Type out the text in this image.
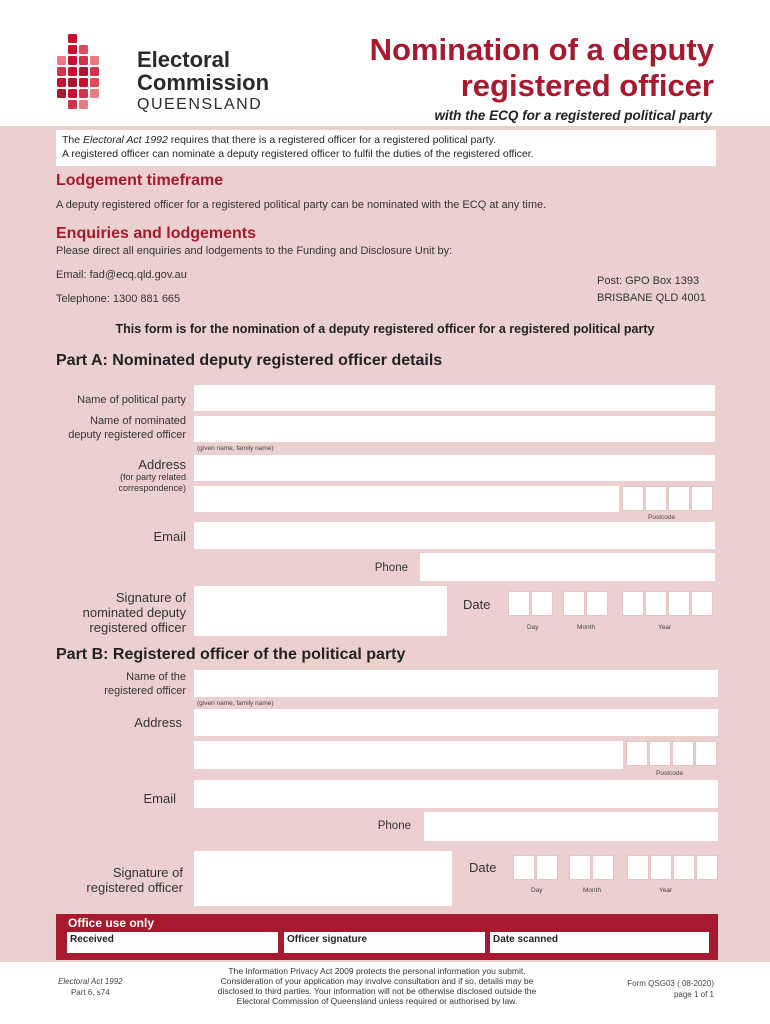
Electoral
Commission
QUEENSLAND
Nomination of a deputy
registered officer
with the ECQ for a registered political party
The Electoral Act 1992 requires that there is a registered officer for a registered political party.
A registered officer can nominate a deputy registered officer to fulfil the duties of the registered officer.
Lodgement timeframe
A deputy registered officer for a registered political party can be nominated with the ECQ at any time.
Enquiries and lodgements
Please direct all enquiries and lodgements to the Funding and Disclosure Unit by:
Email: fad@ecq.qld.gov.au
Telephone: 1300 881 665
Post: GPO Box 1393
BRISBANE QLD 4001
This form is for the nomination of a deputy registered officer for a registered political party
Part A: Nominated deputy registered officer details
Name of political party
Name of nominated
deputy registered officer
(given name, family name)
Address
(for party related
correspondence)
Postcode
Email
Phone
Signature of
nominated deputy
registered officer
Date
Day	Month	Year
Part B: Registered officer of the political party
Name of the
registered officer
(given name, family name)
Address
Postcode
Email
Phone
Signature of
registered officer
Date
Day	Month	Year
Office use only
Received	Officer signature	Date scanned
Electoral Act 1992
Part 6, s74
The Information Privacy Act 2009 protects the personal information you submit.
Consideration of your application may involve consultation and if so, details may be
disclosed to third parties. Your information will not be otherwise disclosed outside the
Electoral Commission of Queensland unless required or authorised by law.
Form QSG03 ( 08-2020)
page 1 of 1
